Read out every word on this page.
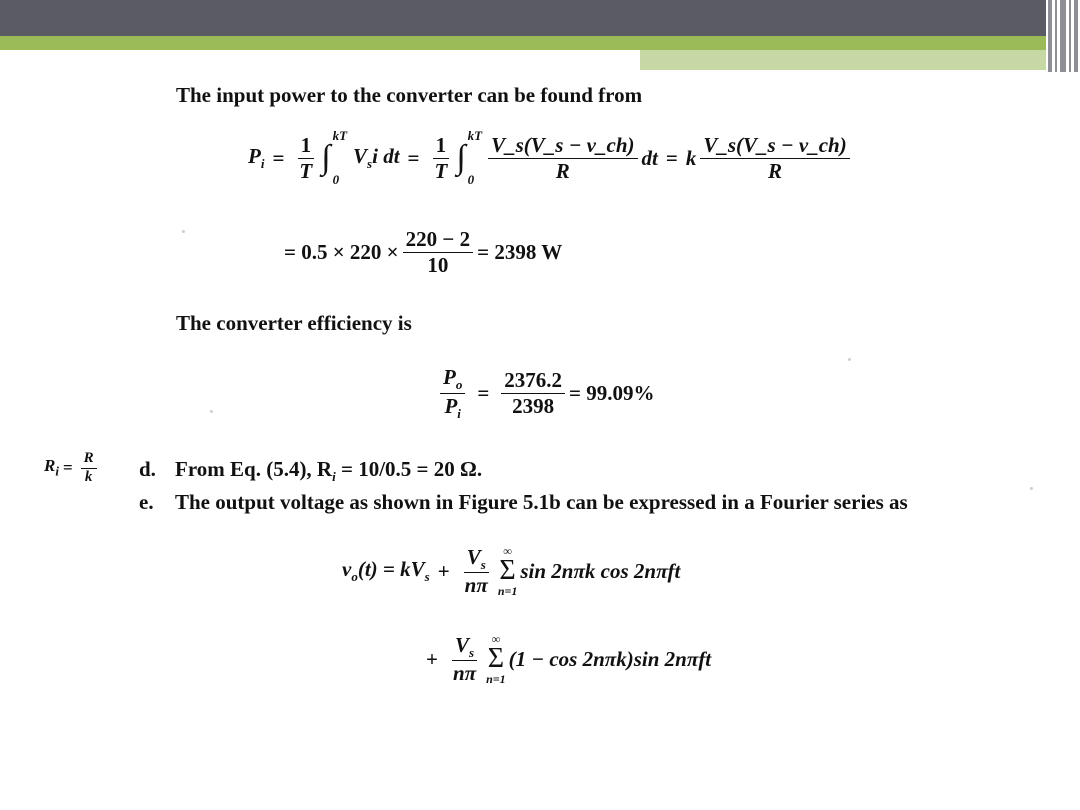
The input power to the converter can be found from
$P_i = \frac{1}{T}$ ∫
kT
0
$V_si$ dt = $\frac{1}{T}$ ∫
kT
$0 \frac{V\_s(V\_s - v\_ch)}{R}$ dt = k $\frac{V\_s(V\_s - v\_ch)}{R}$
= $0.5 \times 220 \times \frac{220 - 2}{10} = 2398$ W
The converter efficiency is
$\frac{P_o}{P_i} = \frac{2376.2}{2398} = 99.09\%$
$R_i = \frac{R}{k} d$. From Eq. (5.4), $R_i = 10/0.5 = 20$ Ω.
e. The output voltage as shown in Figure 5.1b can be expressed in a Fourier series as
$v_o(t) = kV_s + \frac{V_s}{n\pi}$ ∞
Σ
n=1
sin 2nπk cos 2nπft
+ $\frac{V_s}{n\pi}$ ∞
Σ
n=1
(1 − cos 2nπk)sin 2nπft
